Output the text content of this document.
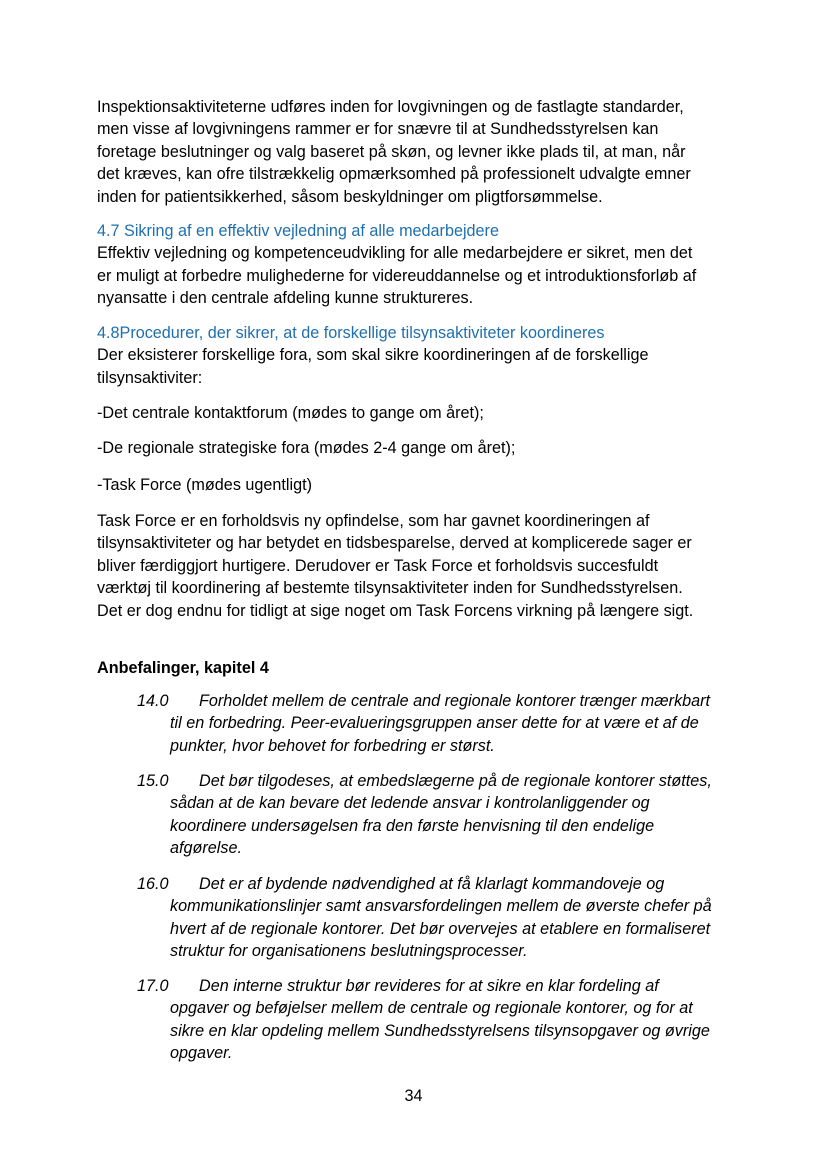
Inspektionsaktiviteterne udføres inden for lovgivningen og de fastlagte standarder,
men visse af lovgivningens rammer er for snævre til at Sundhedsstyrelsen kan
foretage beslutninger og valg baseret på skøn, og levner ikke plads til, at man, når
det kræves, kan ofre tilstrækkelig opmærksomhed på professionelt udvalgte emner
inden for patientsikkerhed, såsom beskyldninger om pligtforsømmelse.
4.7 Sikring af en effektiv vejledning af alle medarbejdere
Effektiv vejledning og kompetenceudvikling for alle medarbejdere er sikret, men det
er muligt at forbedre mulighederne for videreuddannelse og et introduktionsforløb af
nyansatte i den centrale afdeling kunne struktureres.
4.8Procedurer, der sikrer, at de forskellige tilsynsaktiviteter koordineres
Der eksisterer forskellige fora, som skal sikre koordineringen af de forskellige
tilsynsaktiviter:
-Det centrale kontaktforum (mødes to gange om året);
-De regionale strategiske fora (mødes 2-4 gange om året);
-Task Force (mødes ugentligt)
Task Force er en forholdsvis ny opfindelse, som har gavnet koordineringen af
tilsynsaktiviteter og har betydet en tidsbesparelse, derved at komplicerede sager er
bliver færdiggjort hurtigere. Derudover er Task Force et forholdsvis succesfuldt
værktøj til koordinering af bestemte tilsynsaktiviteter inden for Sundhedsstyrelsen.
Det er dog endnu for tidligt at sige noget om Task Forcens virkning på længere sigt.
Anbefalinger, kapitel 4
14.0 Forholdet mellem de centrale and regionale kontorer trænger mærkbart
til en forbedring. Peer-evalueringsgruppen anser dette for at være et af de
punkter, hvor behovet for forbedring er størst.
15.0 Det bør tilgodeses, at embedslægerne på de regionale kontorer støttes,
sådan at de kan bevare det ledende ansvar i kontrolanliggender og
koordinere undersøgelsen fra den første henvisning til den endelige
afgørelse.
16.0 Det er af bydende nødvendighed at få klarlagt kommandoveje og
kommunikationslinjer samt ansvarsfordelingen mellem de øverste chefer på
hvert af de regionale kontorer. Det bør overvejes at etablere en formaliseret
struktur for organisationens beslutningsprocesser.
17.0 Den interne struktur bør revideres for at sikre en klar fordeling af
opgaver og beføjelser mellem de centrale og regionale kontorer, og for at
sikre en klar opdeling mellem Sundhedsstyrelsens tilsynsopgaver og øvrige
opgaver.
34
